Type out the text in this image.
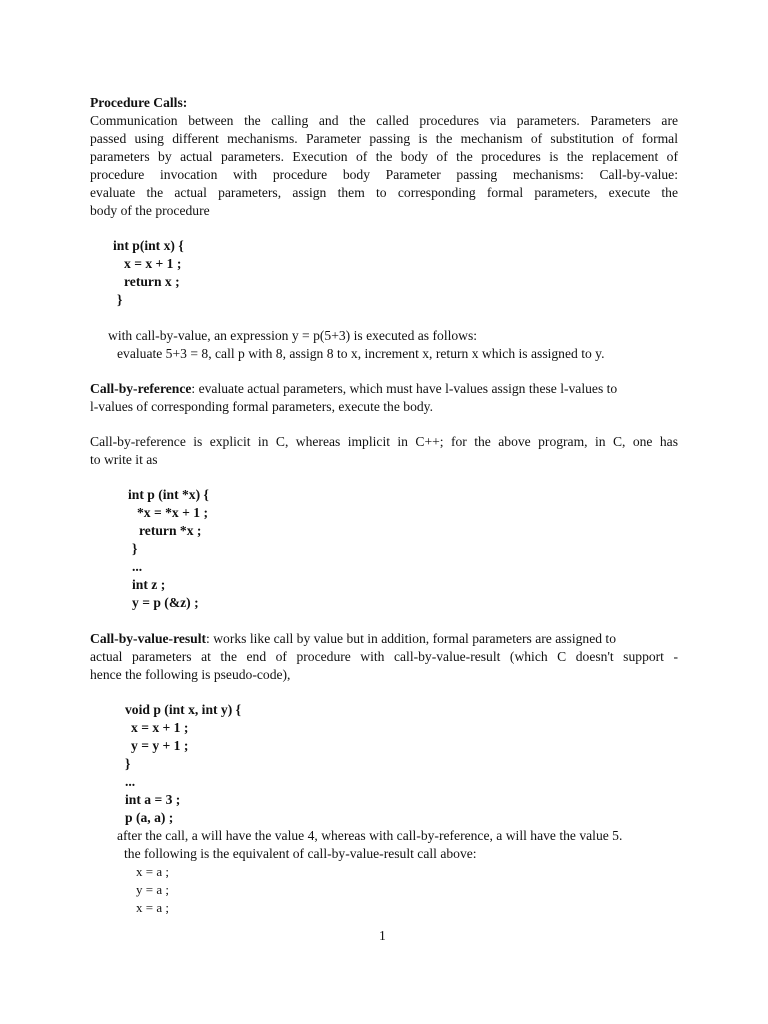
Procedure Calls:
Communication between the calling and the called procedures via parameters. Parameters are
passed using different mechanisms. Parameter passing is the mechanism of substitution of formal
parameters by actual parameters. Execution of the body of the procedures is the replacement of
procedure invocation with procedure body Parameter passing mechanisms: Call-by-value:
evaluate the actual parameters, assign them to corresponding formal parameters, execute the
body of the procedure
int p(int x) {
x = x + 1 ;
return x ;
}
with call-by-value, an expression y = p(5+3) is executed as follows:
evaluate 5+3 = 8, call p with 8, assign 8 to x, increment x, return x which is assigned to y.
Call-by-reference: evaluate actual parameters, which must have l-values assign these l-values to
l-values of corresponding formal parameters, execute the body.
Call-by-reference is explicit in C, whereas implicit in C++; for the above program, in C, one has
to write it as
int p (int *x) {
*x = *x + 1 ;
return *x ;
}
...
int z ;
y = p (&z) ;
Call-by-value-result: works like call by value but in addition, formal parameters are assigned to
actual parameters at the end of procedure with call-by-value-result (which C doesn't support -
hence the following is pseudo-code),
void p (int x, int y) {
x = x + 1 ;
y = y + 1 ;
}
...
int a = 3 ;
p (a, a) ;
after the call, a will have the value 4, whereas with call-by-reference, a will have the value 5.
the following is the equivalent of call-by-value-result call above:
x = a ;
y = a ;
x = a ;
1
